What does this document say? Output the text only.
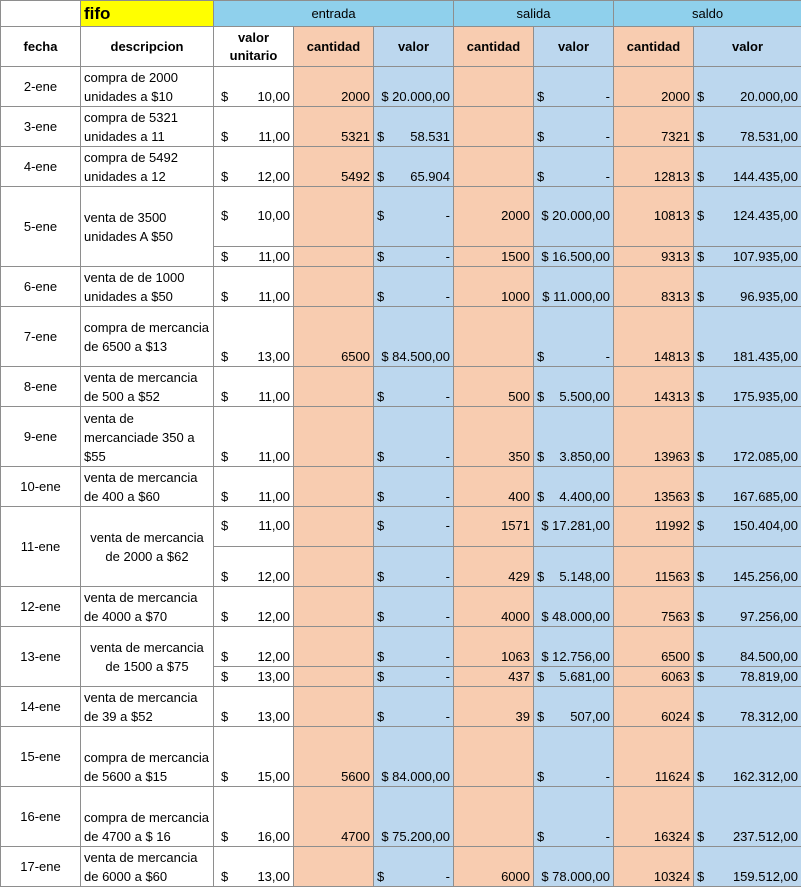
	fifo	entrada			salida		saldo	
fecha	descripcion	valor unitario	cantidad	valor	cantidad	valor	cantidad	valor
2-ene	compra de 2000 unidades a $10	$ 10,00	2000	$ 20.000,00		$ -	2000	$ 20.000,00

3-ene	compra de 5321 unidades a 11	$ 11,00	5321	$ 58.531		$ -	7321	$ 78.531,00

4-ene	compra de 5492 unidades a 12	$ 12,00	5492	$ 65.904		$ -	12813	$ 144.435,00

5-ene	venta de 3500 unidades A $50	$ 10,00		$ -	2000	$ 20.000,00	10813	$ 124.435,00

		$ 11,00		$ -	1500	$ 16.500,00	9313	$ 107.935,00

6-ene	venta de de 1000 unidades a $50	$ 11,00		$ -	1000	$ 11.000,00	8313	$ 96.935,00

7-ene	compra de mercancia de 6500 a $13	$ 13,00	6500	$ 84.500,00		$ -	14813	$ 181.435,00

8-ene	venta de mercancia de 500 a $52	$ 11,00		$ -	500	$ 5.500,00	14313	$ 175.935,00

9-ene	venta de mercanciade 350 a $55	$ 11,00		$ -	350	$ 3.850,00	13963	$ 172.085,00

10-ene	venta de mercancia de 400 a $60	$ 11,00		$ -	400	$ 4.400,00	13563	$ 167.685,00

11-ene	venta de mercancia de 2000 a $62	$ 11,00		$ -	1571	$ 17.281,00	11992	$ 150.404,00

		$ 12,00		$ -	429	$ 5.148,00	11563	$ 145.256,00

12-ene	venta de mercancia de 4000 a $70	$ 12,00		$ -	4000	$ 48.000,00	7563	$ 97.256,00

13-ene	venta de mercancia de 1500 a $75	$ 12,00		$ -	1063	$ 12.756,00	6500	$ 84.500,00

		$ 13,00		$ -	437	$ 5.681,00	6063	$ 78.819,00

14-ene	venta de mercancia de 39 a $52	$ 13,00		$ -	39	$ 507,00	6024	$ 78.312,00

15-ene	compra de mercancia de 5600 a $15	$ 15,00	5600	$ 84.000,00		$ -	11624	$ 162.312,00

16-ene	compra de mercancia de 4700 a $ 16	$ 16,00	4700	$ 75.200,00		$ -	16324	$ 237.512,00

17-ene	venta de mercancia de 6000 a $60	$ 13,00		$ -	6000	$ 78.000,00	10324	$ 159.512,00
